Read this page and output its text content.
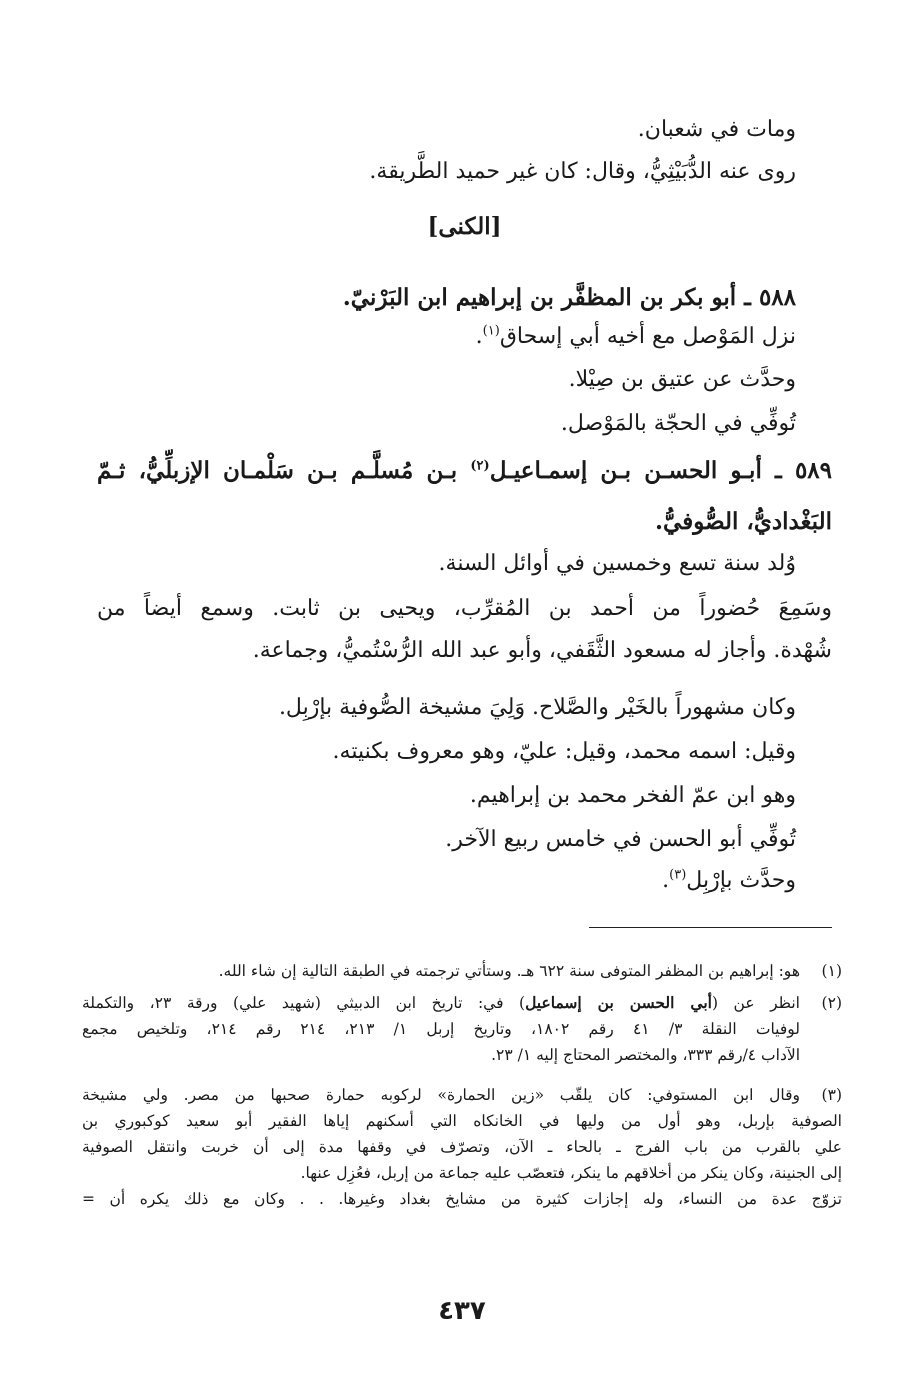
ومات في شعبان.
روى عنه الدُّبَيْثِيُّ، وقال: كان غير حميد الطَّريقة.
[الكنى]
٥٨٨ ـ أبو بكر بن المظفَّر بن إبراهيم ابن البَرْنيّ.
نزل المَوْصل مع أخيه أبي إسحاق$^{(١)}$.
وحدَّث عن عتيق بن صِيْلا.
تُوفِّي في الحجّة بالمَوْصل.
٥٨٩ ـ أبـو الحسـن بـن إسمـاعيـل$^{(٢)}$ بـن مُسلَّـم بـن سَلْمـان الإزبلِّيُّ، ثـمّ
البَغْداديُّ، الصُّوفيُّ.
وُلد سنة تسع وخمسين في أوائل السنة.
وسَمِعَ حُضوراً من أحمد بن المُقرِّب، ويحيى بن ثابت. وسمع أيضاً من
شُهْدة. وأجاز له مسعود الثَّقَفي، وأبو عبد الله الرُّسْتُميُّ، وجماعة.
وكان مشهوراً بالخَيْر والصَّلاح. وَلِيَ مشيخة الصُّوفية بإرْبِل.
وقيل: اسمه محمد، وقيل: عليّ، وهو معروف بكنيته.
وهو ابن عمّ الفخر محمد بن إبراهيم.
تُوفِّي أبو الحسن في خامس ربيع الآخر.
وحدَّث بإرْبِل$^{(٣)}$.
(١)
هو: إبراهيم بن المظفر المتوفى سنة ٦٢٢ هـ. وستأتي ترجمته في الطبقة التالية إن شاء الله.
(٢)
انظر عن (أبي الحسن بن إسماعيل) في: تاريخ ابن الدبيثي (شهيد علي) ورقة ٢٣، والتكملة
لوفيات النقلة ٣/ ٤١ رقم ١٨٠٢، وتاريخ إربل ١/ ٢١٣، ٢١٤ رقم ٢١٤، وتلخيص مجمع
الآداب ٤/رقم ٣٣٣، والمختصر المحتاج إليه ١/ ٢٣.
(٣)
وقال ابن المستوفي: كان يلقّب «زين الحمارة» لركوبه حمارة صحبها من مصر. ولي مشيخة
الصوفية بإربل، وهو أول من وليها في الخانكاه التي أسكنهم إياها الفقير أبو سعيد كوكبوري بن
علي بالقرب من باب الفرج ـ بالحاء ـ الآن، وتصرّف في وقفها مدة إلى أن خربت وانتقل الصوفية
إلى الجنينة، وكان ينكر من أخلاقهم ما ينكر، فتعصّب عليه جماعة من إربل، فعُزِل عنها.
تزوّج عدة من النساء، وله إجازات كثيرة من مشايخ بغداد وغيرها. . . وكان مع ذلك يكره أن =
٤٣٧
